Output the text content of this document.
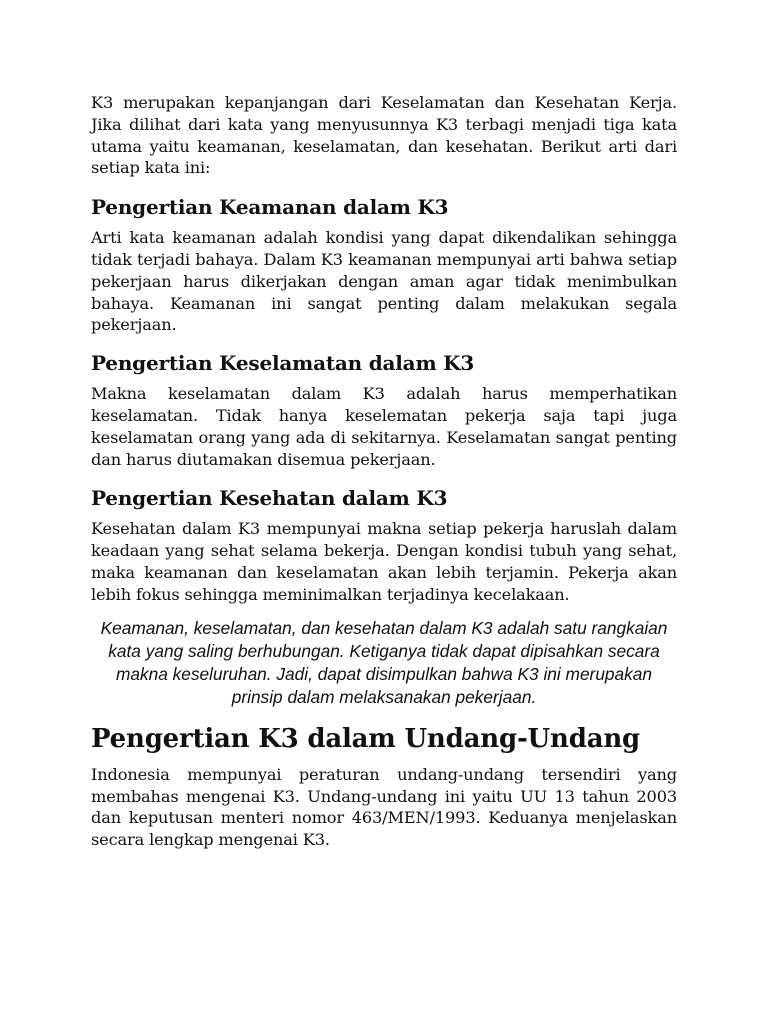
K3 merupakan kepanjangan dari Keselamatan dan Kesehatan Kerja. Jika dilihat dari kata yang menyusunnya K3 terbagi menjadi tiga kata utama yaitu keamanan, keselamatan, dan kesehatan. Berikut arti dari setiap kata ini:

Pengertian Keamanan dalam K3

Arti kata keamanan adalah kondisi yang dapat dikendalikan sehingga tidak terjadi bahaya. Dalam K3 keamanan mempunyai arti bahwa setiap pekerjaan harus dikerjakan dengan aman agar tidak menimbulkan bahaya. Keamanan ini sangat penting dalam melakukan segala pekerjaan.

Pengertian Keselamatan dalam K3

Makna keselamatan dalam K3 adalah harus memperhatikan keselamatan. Tidak hanya keselematan pekerja saja tapi juga keselamatan orang yang ada di sekitarnya. Keselamatan sangat penting dan harus diutamakan disemua pekerjaan.

Pengertian Kesehatan dalam K3

Kesehatan dalam K3 mempunyai makna setiap pekerja haruslah dalam keadaan yang sehat selama bekerja. Dengan kondisi tubuh yang sehat, maka keamanan dan keselamatan akan lebih terjamin. Pekerja akan lebih fokus sehingga meminimalkan terjadinya kecelakaan.

Keamanan, keselamatan, dan kesehatan dalam K3 adalah satu rangkaian kata yang saling berhubungan. Ketiganya tidak dapat dipisahkan secara makna keseluruhan. Jadi, dapat disimpulkan bahwa K3 ini merupakan prinsip dalam melaksanakan pekerjaan.
Pengertian K3 dalam Undang-Undang

Indonesia mempunyai peraturan undang-undang tersendiri yang membahas mengenai K3. Undang-undang ini yaitu UU 13 tahun 2003 dan keputusan menteri nomor 463/MEN/1993. Keduanya menjelaskan secara lengkap mengenai K3.
